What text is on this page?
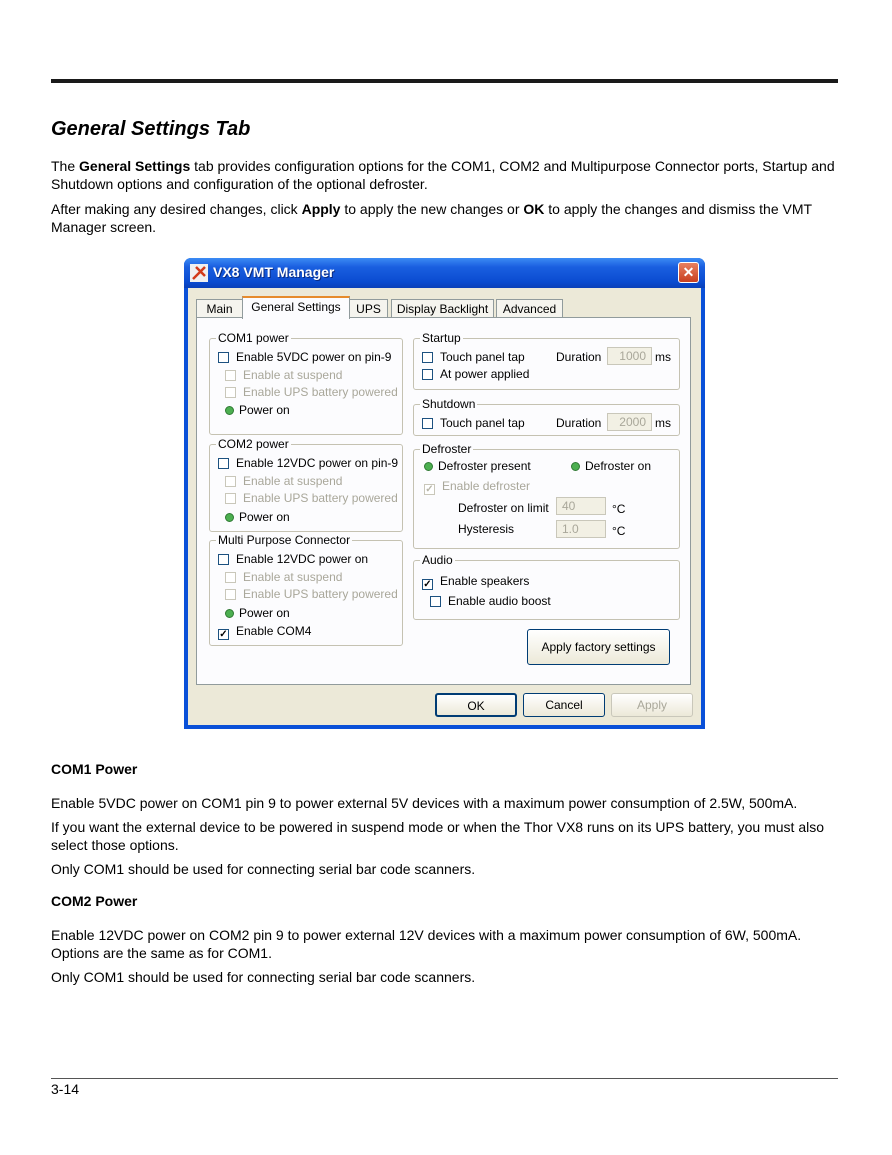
General Settings Tab

The General Settings tab provides configuration options for the COM1, COM2 and Multipurpose Connector ports, Startup and Shutdown options and configuration of the optional defroster.

After making any desired changes, click Apply to apply the new changes or OK to apply the changes and dismiss the VMT Manager screen.

VX8 VMT Manager	✕
Main	General Settings	UPS	Display Backlight	Advanced
COM1 power
Enable 5VDC power on pin-9
Enable at suspend
Enable UPS battery powered
Power on
COM2 power
Enable 12VDC power on pin-9
Enable at suspend
Enable UPS battery powered
Power on
Multi Purpose Connector
Enable 12VDC power on
Enable at suspend
Enable UPS battery powered
Power on
✓ Enable COM4
Startup
Touch panel tap	Duration	1000 ms
At power applied
Shutdown
Touch panel tap	Duration	2000 ms
Defroster
Defroster present	Defroster on
✓ Enable defroster
Defroster on limit	40	°C
Hysteresis	1.0	°C
Audio
✓ Enable speakers
Enable audio boost
Apply factory settings
OK	Cancel	Apply

COM1 Power

Enable 5VDC power on COM1 pin 9 to power external 5V devices with a maximum power consumption of 2.5W, 500mA.

If you want the external device to be powered in suspend mode or when the Thor VX8 runs on its UPS battery, you must also select those options.

Only COM1 should be used for connecting serial bar code scanners.

COM2 Power

Enable 12VDC power on COM2 pin 9 to power external 12V devices with a maximum power consumption of 6W, 500mA. Options are the same as for COM1.

Only COM1 should be used for connecting serial bar code scanners.

3-14
